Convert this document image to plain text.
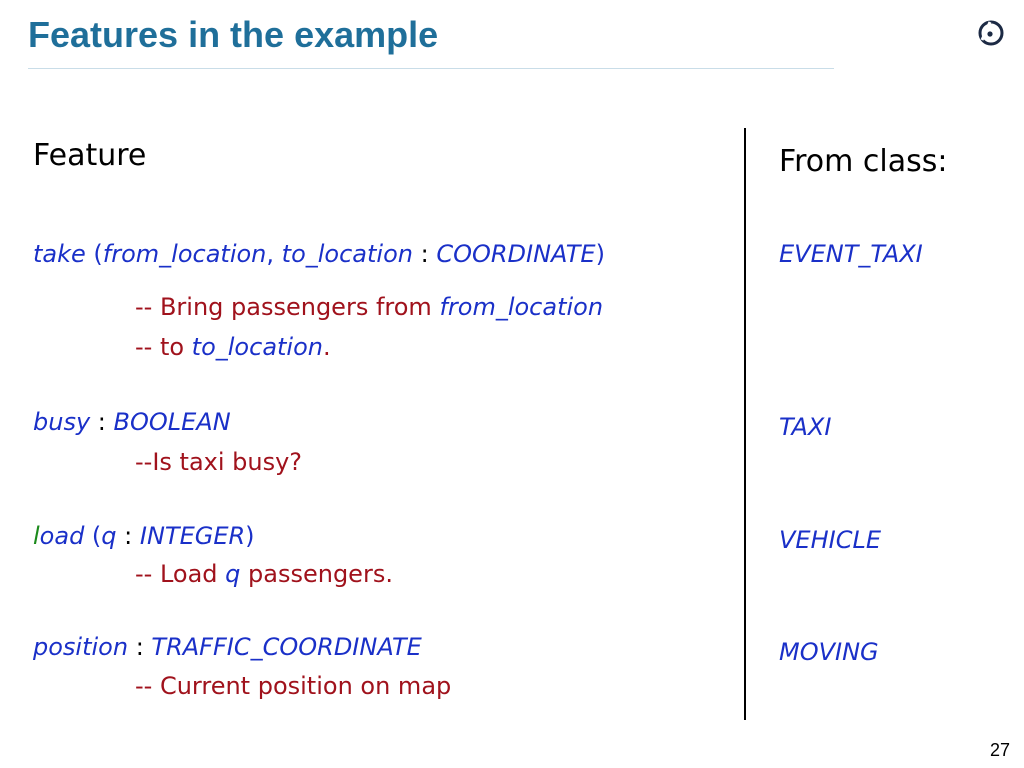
Features in the example
Feature	From class:
take (from_location, to_location : COORDINATE)
-- Bring passengers from from_location
-- to to_location.
busy : BOOLEAN
--Is taxi busy?
load (q : INTEGER)
-- Load q passengers.
position : TRAFFIC_COORDINATE
-- Current position on map
EVENT_TAXI
TAXI
VEHICLE
MOVING
27
